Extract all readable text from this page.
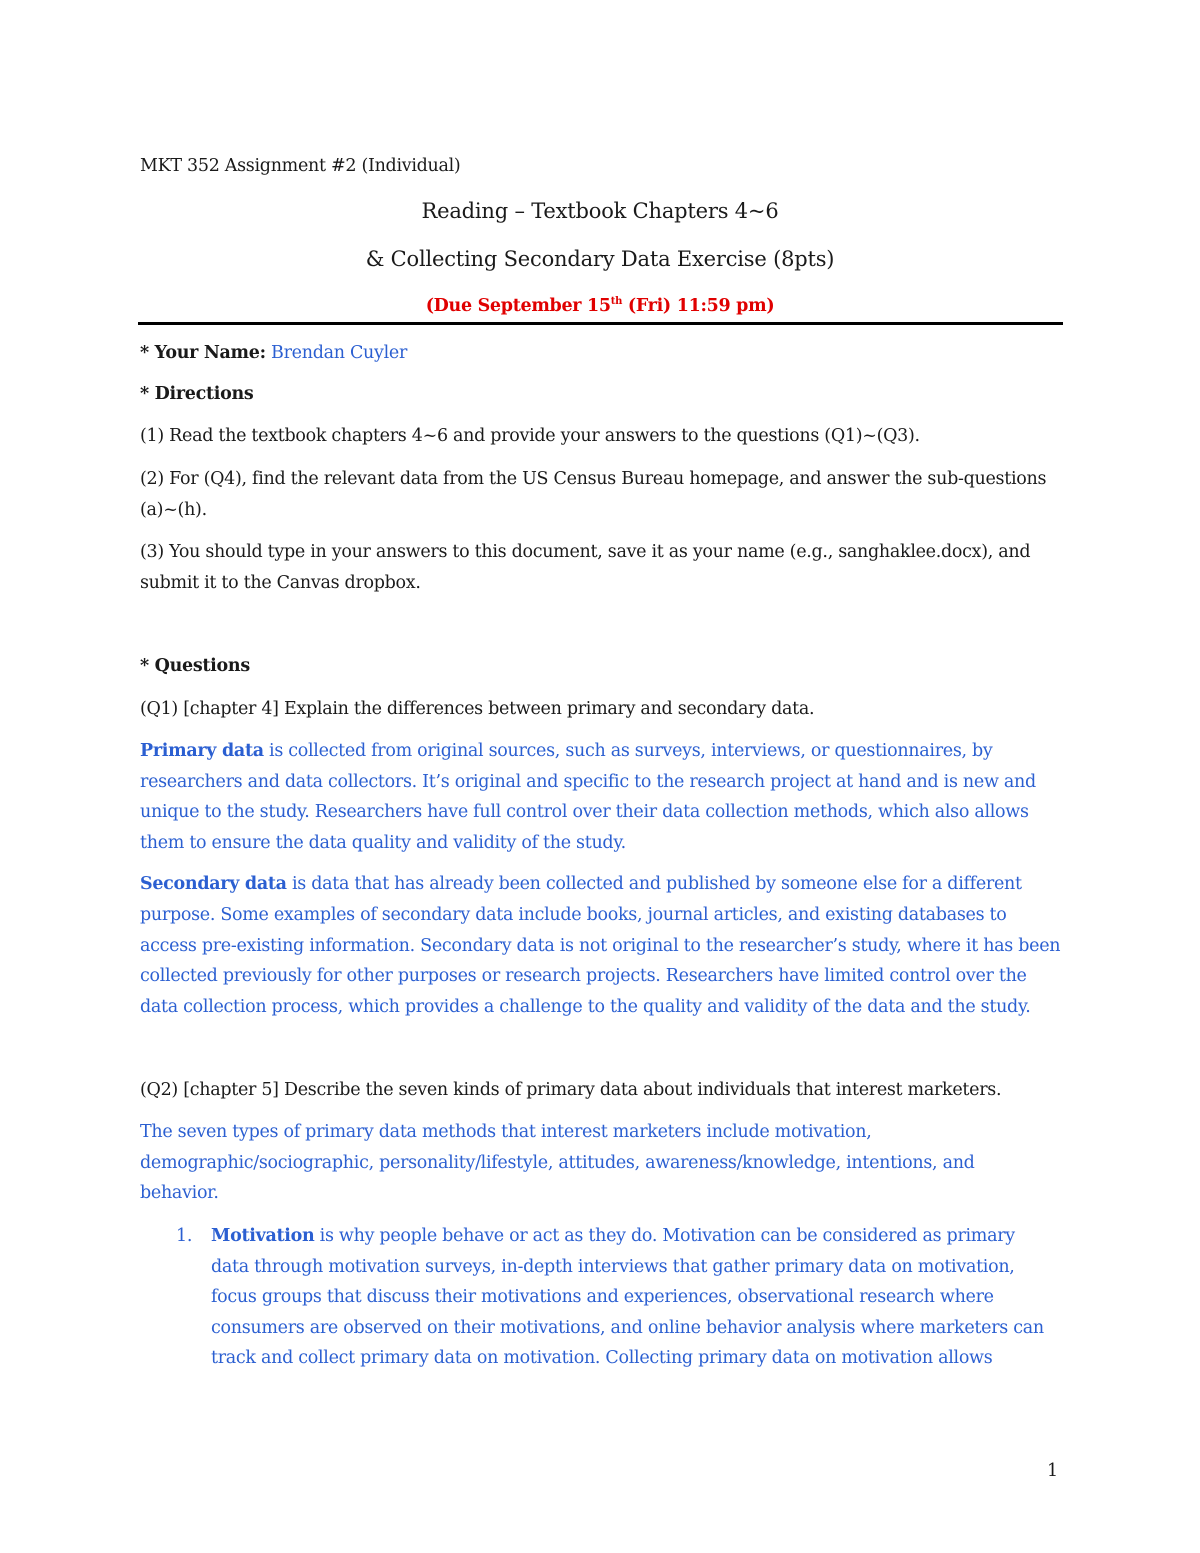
MKT 352 Assignment #2 (Individual)

Reading – Textbook Chapters 4~6

& Collecting Secondary Data Exercise (8pts)

(Due September 15th (Fri) 11:59 pm)

* Your Name: Brendan Cuyler

* Directions

(1) Read the textbook chapters 4~6 and provide your answers to the questions (Q1)~(Q3).

(2) For (Q4), find the relevant data from the US Census Bureau homepage, and answer the sub-questions

(a)~(h).

(3) You should type in your answers to this document, save it as your name (e.g., sanghaklee.docx), and

submit it to the Canvas dropbox.

* Questions

(Q1) [chapter 4] Explain the differences between primary and secondary data.

Primary data is collected from original sources, such as surveys, interviews, or questionnaires, by

researchers and data collectors. It’s original and specific to the research project at hand and is new and

unique to the study. Researchers have full control over their data collection methods, which also allows

them to ensure the data quality and validity of the study.

Secondary data is data that has already been collected and published by someone else for a different

purpose. Some examples of secondary data include books, journal articles, and existing databases to

access pre-existing information. Secondary data is not original to the researcher’s study, where it has been

collected previously for other purposes or research projects. Researchers have limited control over the

data collection process, which provides a challenge to the quality and validity of the data and the study.

(Q2) [chapter 5] Describe the seven kinds of primary data about individuals that interest marketers.

The seven types of primary data methods that interest marketers include motivation,

demographic/sociographic, personality/lifestyle, attitudes, awareness/knowledge, intentions, and

behavior.

1. Motivation is why people behave or act as they do. Motivation can be considered as primary

data through motivation surveys, in-depth interviews that gather primary data on motivation,

focus groups that discuss their motivations and experiences, observational research where

consumers are observed on their motivations, and online behavior analysis where marketers can

track and collect primary data on motivation. Collecting primary data on motivation allows

1
